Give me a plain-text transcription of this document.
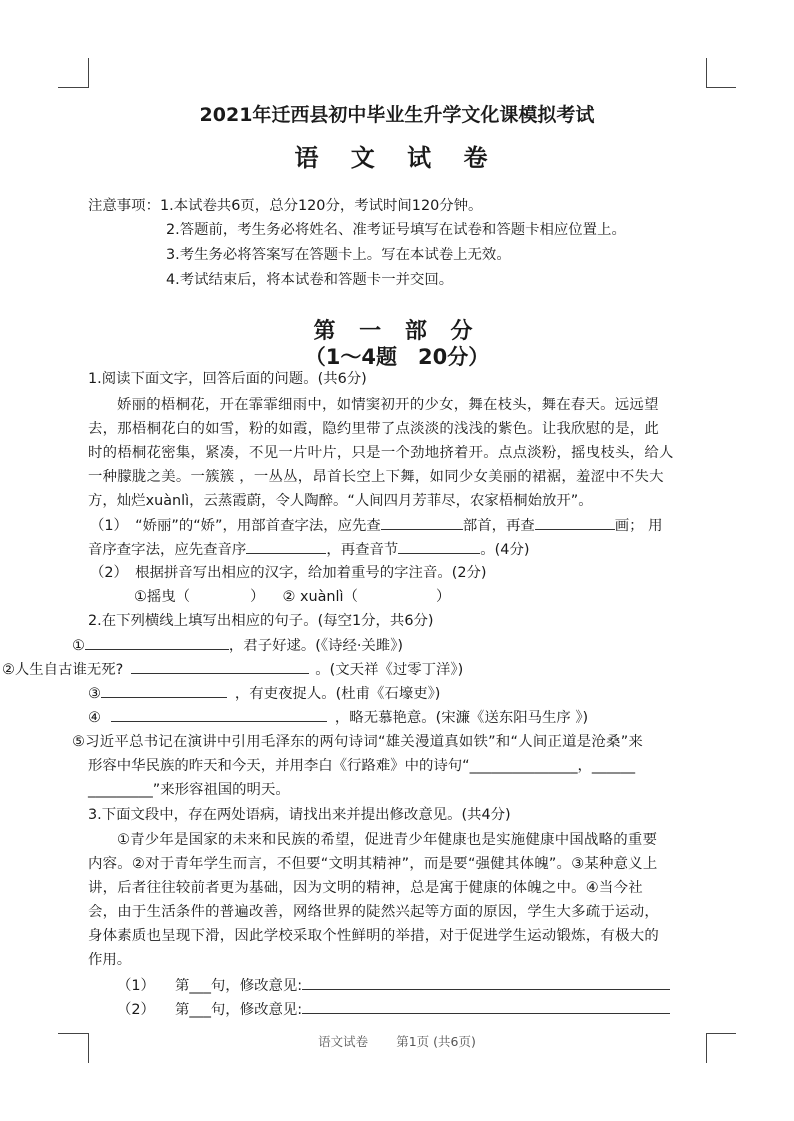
2021年迁西县初中毕业生升学文化课模拟考试
语 文 试 卷
注意事项：1.本试卷共6页，总分120分，考试时间120分钟。
2.答题前，考生务必将姓名、准考证号填写在试卷和答题卡相应位置上。
3.考生务必将答案写在答题卡上。写在本试卷上无效。
4.考试结束后，将本试卷和答题卡一并交回。
第 一 部 分
（1～4题　20分）
1.阅读下面文字，回答后面的问题。(共6分)
娇丽的梧桐花，开在霏霏细雨中，如情窦初开的少女，舞在枝头，舞在春天。远远望
去，那梧桐花白的如雪，粉的如霞，隐约里带了点淡淡的浅浅的紫色。让我欣慰的是，此
时的梧桐花密集，紧凑，不见一片叶片，只是一个劲地挤着开。点点淡粉，摇曳枝头，给人
一种朦胧之美。一簇簇 ，一丛丛，昂首长空上下舞，如同少女美丽的裙裾，羞涩中不失大
方，灿烂xuànlì，云蒸霞蔚，令人陶醉。“人间四月芳菲尽，农家梧桐始放开”。
（1）　“娇丽”的“娇”，用部首查字法，应先查	部首，再查	画； 用
音序查字法，应先查音序	，再查音节	。(4分)
（2）　根据拼音写出相应的汉字，给加着重号的字注音。(2分)
①摇曳（	） ② xuànlì（	）
2.在下列横线上填写出相应的句子。(每空1分，共6分)
①	，君子好逑。(《诗经·关雎》)
②人生自古谁无死?	。(文天祥《过零丁洋》)
③	，有吏夜捉人。(杜甫《石壕吏》)
④	，略无慕艳意。(宋濂《送东阳马生序 》)
⑤习近平总书记在演讲中引用毛泽东的两句诗词“雄关漫道真如铁”和“人间正道是沧桑”来
形容中华民族的昨天和今天，并用李白《行路难》中的诗句“_______________，______
_________”来形容祖国的明天。
3.下面文段中，存在两处语病，请找出来并提出修改意见。(共4分)
①青少年是国家的未来和民族的希望，促进青少年健康也是实施健康中国战略的重要
内容。②对于青年学生而言，不但要“文明其精神”，而是要“强健其体魄”。③某种意义上
讲，后者往往较前者更为基础，因为文明的精神，总是寓于健康的体魄之中。④当今社
会，由于生活条件的普遍改善，网络世界的陡然兴起等方面的原因，学生大多疏于运动，
身体素质也呈现下滑，因此学校采取个性鲜明的举措，对于促进学生运动锻炼，有极大的
作用。
（1） 第___句，修改意见:
（2） 第___句，修改意见:
语文试卷 第1页 (共6页)
